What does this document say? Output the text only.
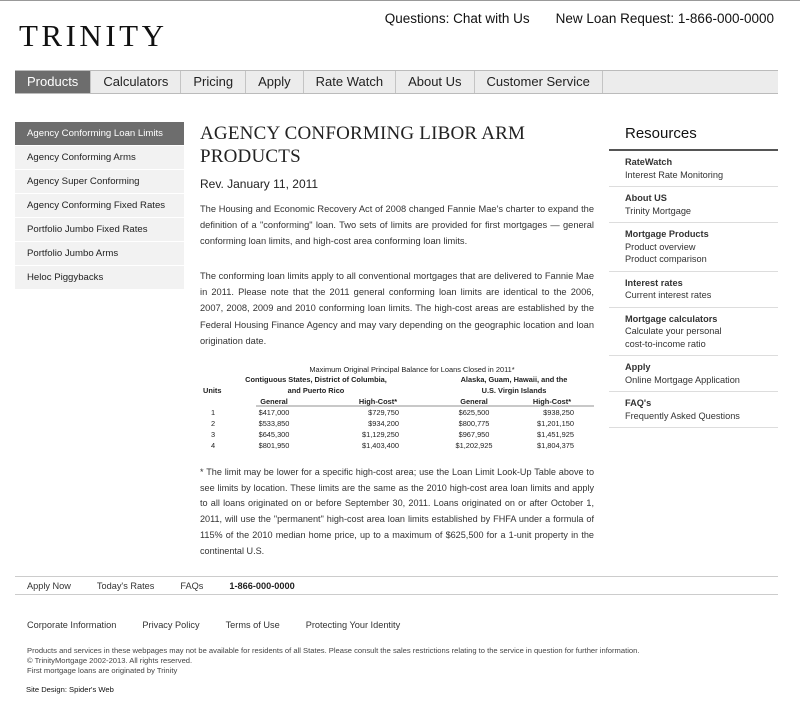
TRINITY	Questions: Chat with Us New Loan Request: 1-866-000-0000
Products	Calculators	Pricing	Apply	Rate Watch	About Us	Customer Service
Agency Conforming Loan Limits
Agency Conforming Arms
Agency Super Conforming
Agency Conforming Fixed Rates
Portfolio Jumbo Fixed Rates
Portfolio Jumbo Arms
Heloc Piggybacks
AGENCY CONFORMING LIBOR ARM
PRODUCTS
Rev. January 11, 2011

The Housing and Economic Recovery Act of 2008 changed Fannie Mae's charter to expand the definition of a "conforming" loan. Two sets of limits are provided for first mortgages — general conforming loan limits, and high-cost area conforming loan limits.

The conforming loan limits apply to all conventional mortgages that are delivered to Fannie Mae in 2011. Please note that the 2011 general conforming loan limits are identical to the 2006, 2007, 2008, 2009 and 2010 conforming loan limits. The high-cost areas are established by the Federal Housing Finance Agency and may vary depending on the geographic location and loan origination date.

Maximum Original Principal Balance for Loans Closed in 2011*
Contiguous States, District of Columbia,
and Puerto Rico
Alaska, Guam, Hawaii, and the
U.S. Virgin Islands
Units
General	High-Cost*	General	High-Cost*
1	$417,000	$729,750	$625,500	$938,250
2	$533,850	$934,200	$800,775	$1,201,150
3	$645,300	$1,129,250	$967,950	$1,451,925
4	$801,950	$1,403,400	$1,202,925	$1,804,375

* The limit may be lower for a specific high-cost area; use the Loan Limit Look-Up Table above to see limits by location. These limits are the same as the 2010 high-cost area loan limits and apply to all loans originated on or before September 30, 2011. Loans originated on or after October 1, 2011, will use the "permanent" high-cost area loan limits established by FHFA under a formula of 115% of the 2010 median home price, up to a maximum of $625,500 for a 1-unit property in the continental U.S.

Resources
RateWatch
Interest Rate Monitoring
About US
Trinity Mortgage
Mortgage Products
Product overview
Product comparison
Interest rates
Current interest rates
Mortgage calculators
Calculate your personal
cost-to-income ratio
Apply
Online Mortgage Application
FAQ's
Frequently Asked Questions
Apply Now	Today's Rates	FAQs	1-866-000-0000
Corporate Information	Privacy Policy	Terms of Use	Protecting Your Identity
Products and services in these webpages may not be available for residents of all States. Please consult the sales restrictions relating to the service in question for further information.
© TrinityMortgage 2002-2013. All rights reserved.
First mortgage loans are originated by Trinity
Site Design: Spider's Web
